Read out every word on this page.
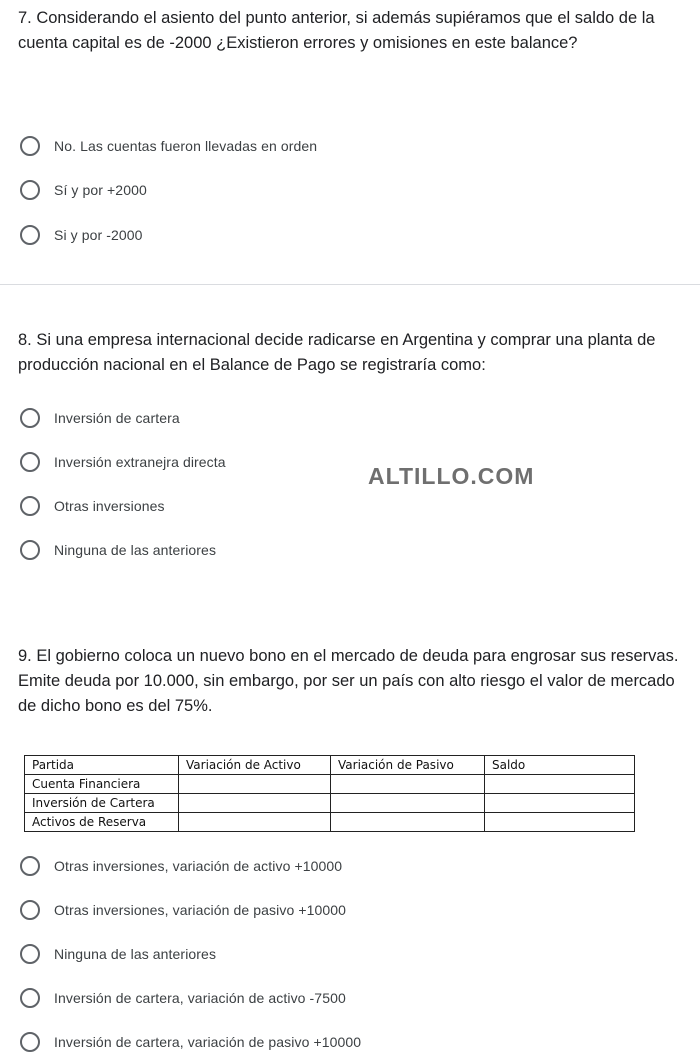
7. Considerando el asiento del punto anterior, si además supiéramos que el saldo de la cuenta capital es de -2000 ¿Existieron errores y omisiones en este balance?

No. Las cuentas fueron llevadas en orden
Sí y por +2000
Si y por -2000

8. Si una empresa internacional decide radicarse en Argentina y comprar una planta de producción nacional en el Balance de Pago se registraría como:

Inversión de cartera
Inversión extranejra directa
Otras inversiones
Ninguna de las anteriores
ALTILLO.COM

9. El gobierno coloca un nuevo bono en el mercado de deuda para engrosar sus reservas. Emite deuda por 10.000, sin embargo, por ser un país con alto riesgo el valor de mercado de dicho bono es del 75%.

Partida	Variación de Activo	Variación de Pasivo	Saldo
Cuenta Financiera			
Inversión de Cartera			
Activos de Reserva			
Otras inversiones, variación de activo +10000
Otras inversiones, variación de pasivo +10000
Ninguna de las anteriores
Inversión de cartera, variación de activo -7500
Inversión de cartera, variación de pasivo +10000
